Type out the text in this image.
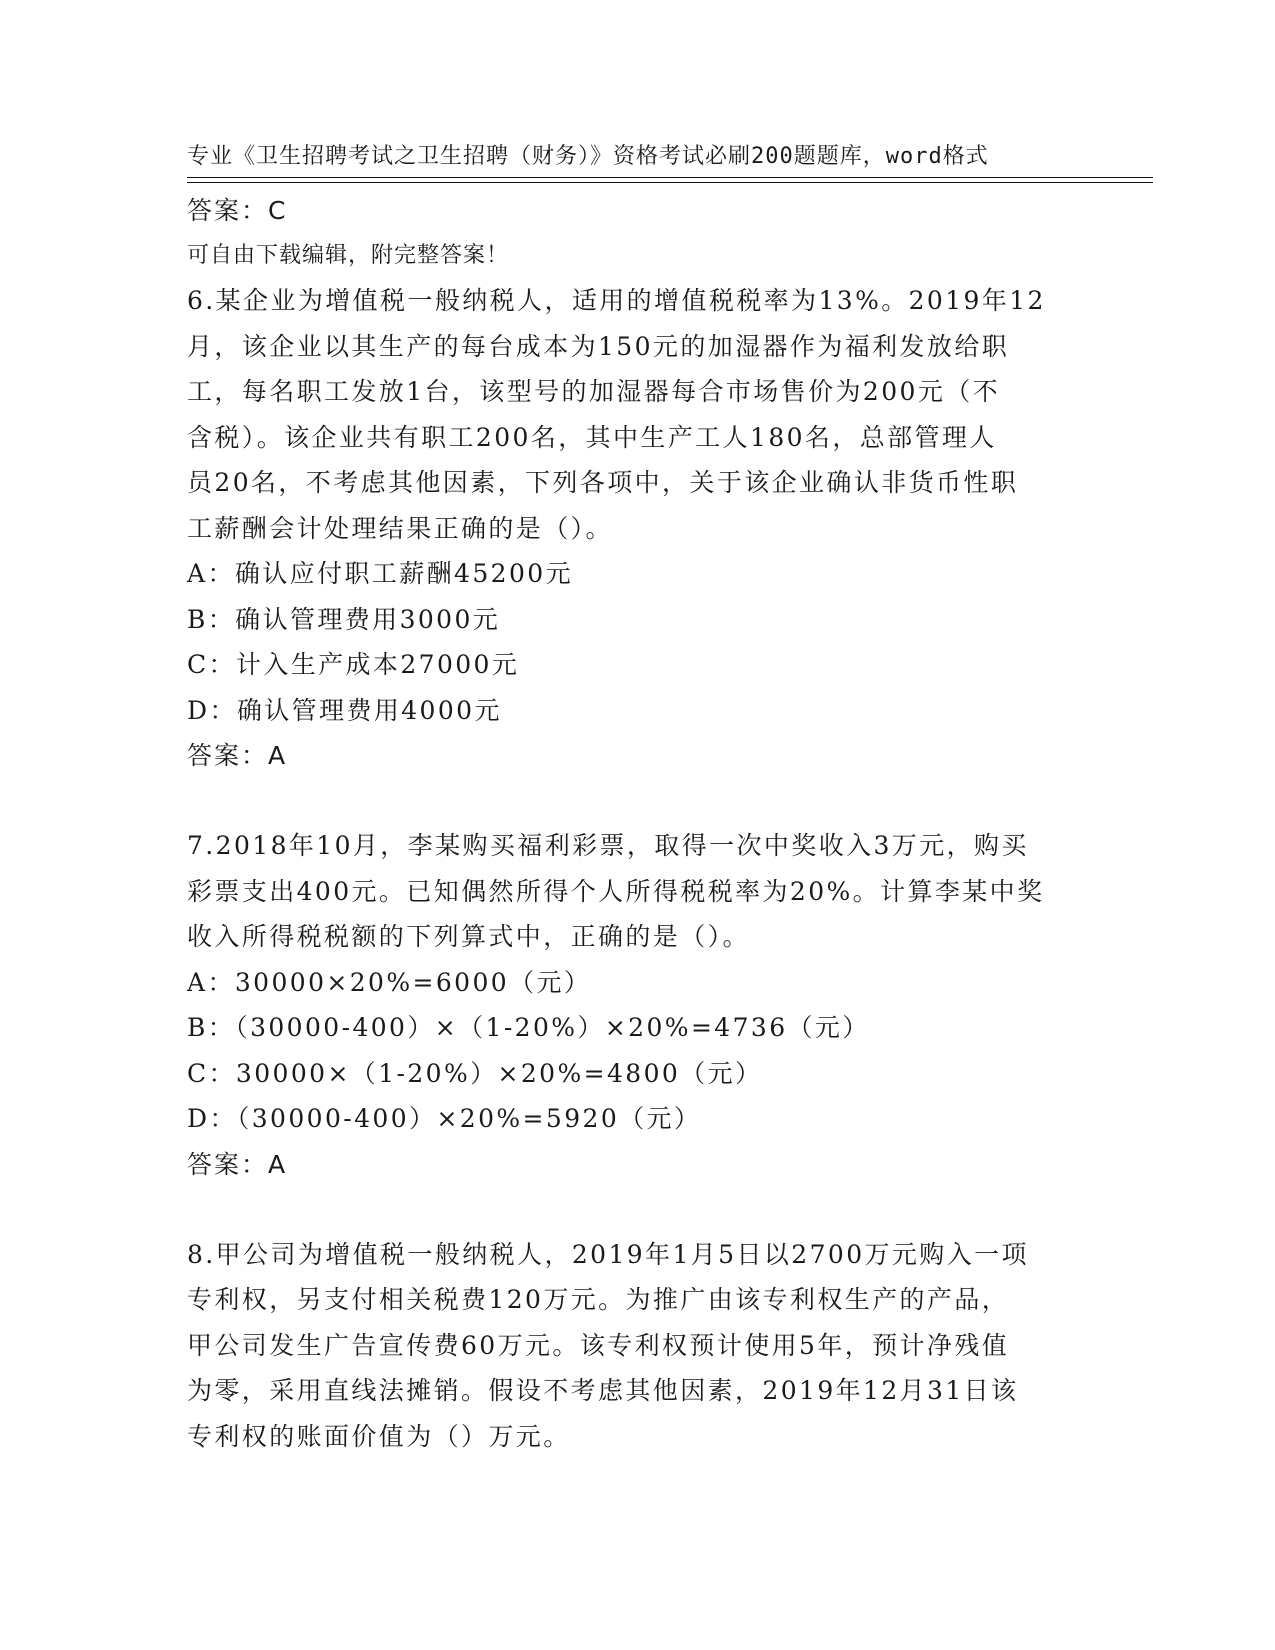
专业《卫生招聘考试之卫生招聘（财务）》资格考试必刷200题题库，word格式

可自由下载编辑，附完整答案！

答案：C
6.某企业为增值税一般纳税人，适用的增值税税率为13%。2019年12
月，该企业以其生产的每台成本为150元的加湿器作为福利发放给职
工，每名职工发放1台，该型号的加湿器每合市场售价为200元（不
含税）。该企业共有职工200名，其中生产工人180名，总部管理人
员20名，不考虑其他因素，下列各项中，关于该企业确认非货币性职
工薪酬会计处理结果正确的是（）。
A：确认应付职工薪酬45200元
B：确认管理费用3000元
C：计入生产成本27000元
D：确认管理费用4000元
答案：A
7.2018年10月，李某购买福利彩票，取得一次中奖收入3万元，购买
彩票支出400元。已知偶然所得个人所得税税率为20%。计算李某中奖
收入所得税税额的下列算式中，正确的是（）。
A：30000×20%=6000（元）
B：（30000-400）×（1-20%）×20%=4736（元）
C：30000×（1-20%）×20%=4800（元）
D：（30000-400）×20%=5920（元）
答案：A
8.甲公司为增值税一般纳税人，2019年1月5日以2700万元购入一项
专利权，另支付相关税费120万元。为推广由该专利权生产的产品，
甲公司发生广告宣传费60万元。该专利权预计使用5年，预计净残值
为零，采用直线法摊销。假设不考虑其他因素，2019年12月31日该
专利权的账面价值为（）万元。
